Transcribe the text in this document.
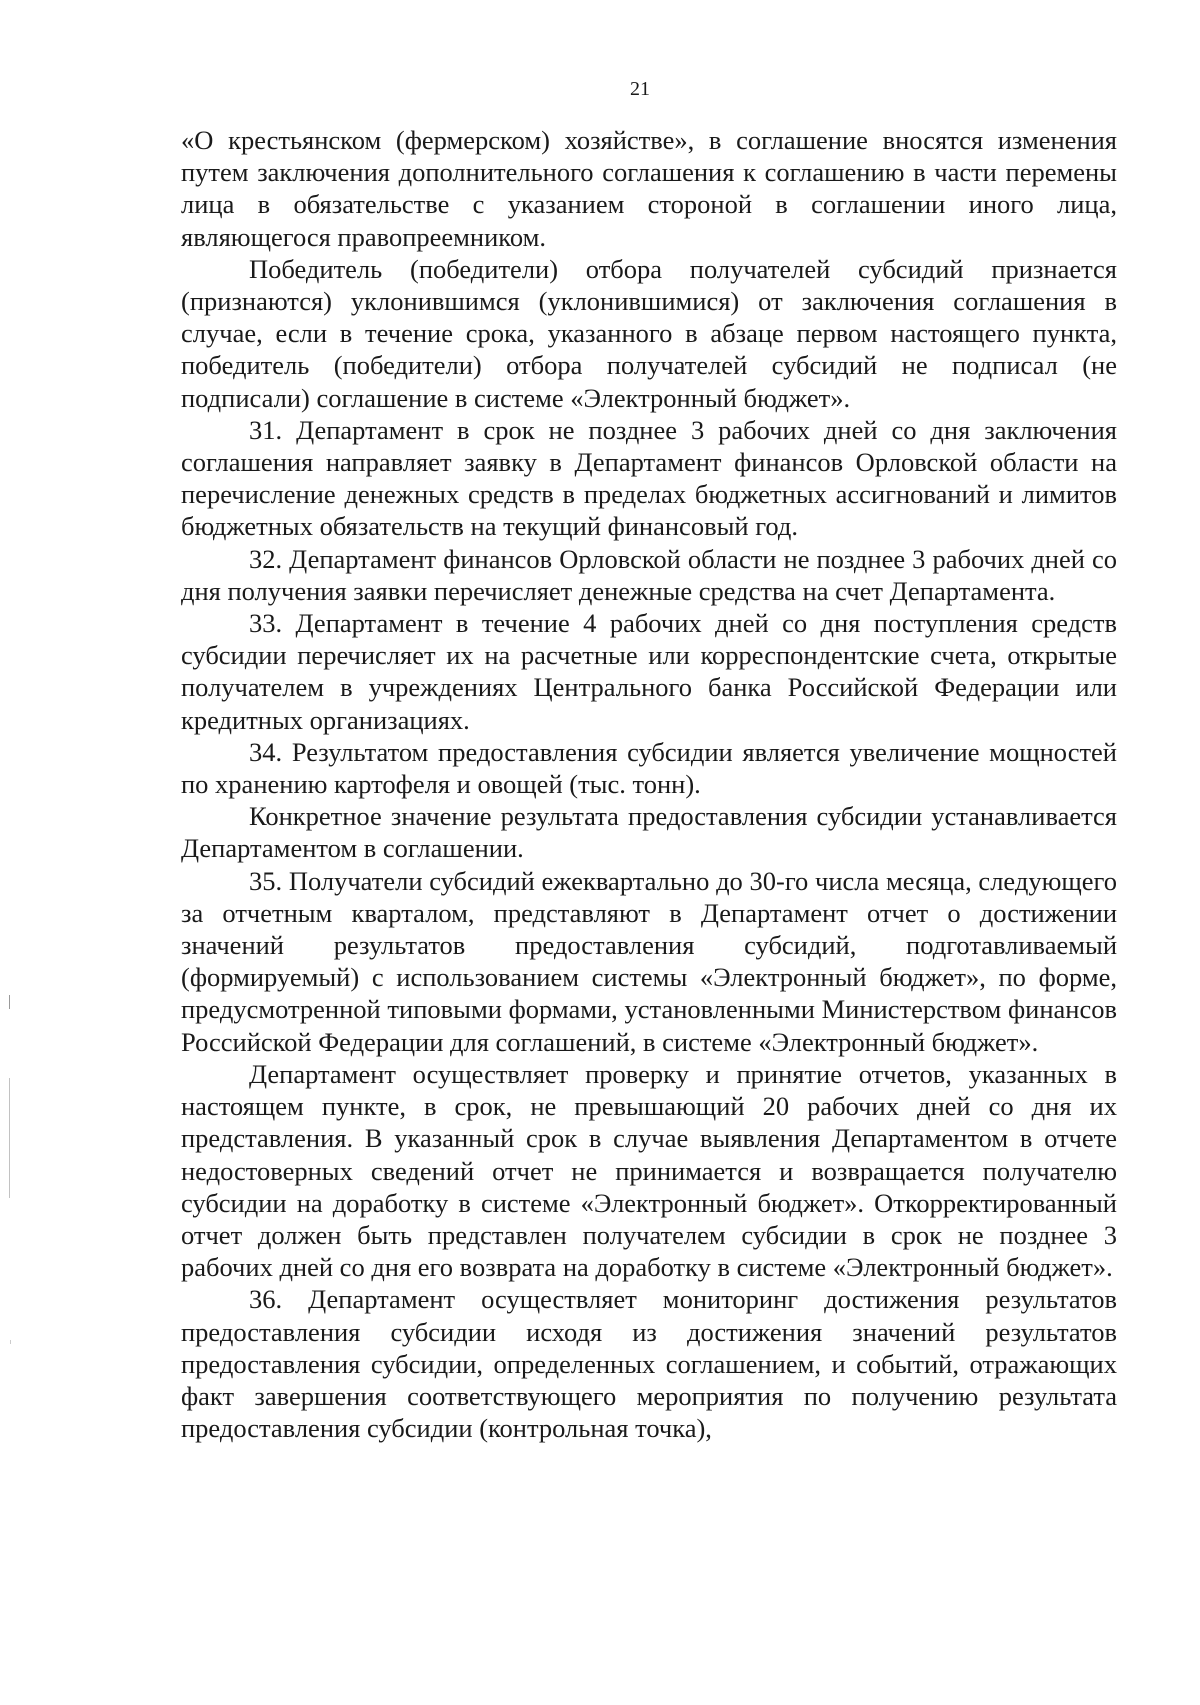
21

«О крестьянском (фермерском) хозяйстве», в соглашение вносятся изменения путем заключения дополнительного соглашения к соглашению в части перемены лица в обязательстве с указанием стороной в соглашении иного лица, являющегося правопреемником.

Победитель (победители) отбора получателей субсидий признается (признаются) уклонившимся (уклонившимися) от заключения соглашения в случае, если в течение срока, указанного в абзаце первом настоящего пункта, победитель (победители) отбора получателей субсидий не подписал (не подписали) соглашение в системе «Электронный бюджет».

31. Департамент в срок не позднее 3 рабочих дней со дня заключения соглашения направляет заявку в Департамент финансов Орловской области на перечисление денежных средств в пределах бюджетных ассигнований и лимитов бюджетных обязательств на текущий финансовый год.

32. Департамент финансов Орловской области не позднее 3 рабочих дней со дня получения заявки перечисляет денежные средства на счет Департамента.

33. Департамент в течение 4 рабочих дней со дня поступления средств субсидии перечисляет их на расчетные или корреспондентские счета, открытые получателем в учреждениях Центрального банка Российской Федерации или кредитных организациях.

34. Результатом предоставления субсидии является увеличение мощностей по хранению картофеля и овощей (тыс. тонн).

Конкретное значение результата предоставления субсидии устанавливается Департаментом в соглашении.

35. Получатели субсидий ежеквартально до 30-го числа месяца, следующего за отчетным кварталом, представляют в Департамент отчет о достижении значений результатов предоставления субсидий, подготавливаемый (формируемый) с использованием системы «Электронный бюджет», по форме, предусмотренной типовыми формами, установленными Министерством финансов Российской Федерации для соглашений, в системе «Электронный бюджет».

Департамент осуществляет проверку и принятие отчетов, указанных в настоящем пункте, в срок, не превышающий 20 рабочих дней со дня их представления. В указанный срок в случае выявления Департаментом в отчете недостоверных сведений отчет не принимается и возвращается получателю субсидии на доработку в системе «Электронный бюджет». Откорректированный отчет должен быть представлен получателем субсидии в срок не позднее 3 рабочих дней со дня его возврата на доработку в системе «Электронный бюджет».

36. Департамент осуществляет мониторинг достижения результатов предоставления субсидии исходя из достижения значений результатов предоставления субсидии, определенных соглашением, и событий, отражающих факт завершения соответствующего мероприятия по получению результата предоставления субсидии (контрольная точка),
